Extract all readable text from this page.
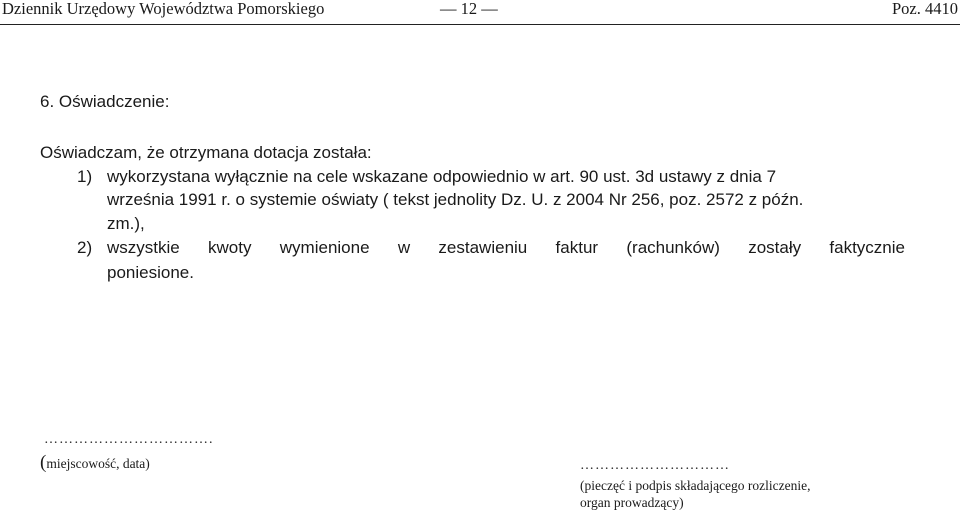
Dziennik Urzędowy Województwa Pomorskiego	— 12 —	Poz. 4410
6. Oświadczenie:
Oświadczam, że otrzymana dotacja została:
1) wykorzystana wyłącznie na cele wskazane odpowiednio w art. 90 ust. 3d ustawy z dnia 7
września 1991 r. o systemie oświaty ( tekst jednolity Dz. U. z 2004 Nr 256, poz. 2572 z późn.
zm.),
2) wszystkie kwoty wymienione w zestawieniu faktur (rachunków) zostały faktycznie
poniesione.
…………………………….
(miejscowość, data)	…………………………
(pieczęć i podpis składającego rozliczenie,
organ prowadzący)
